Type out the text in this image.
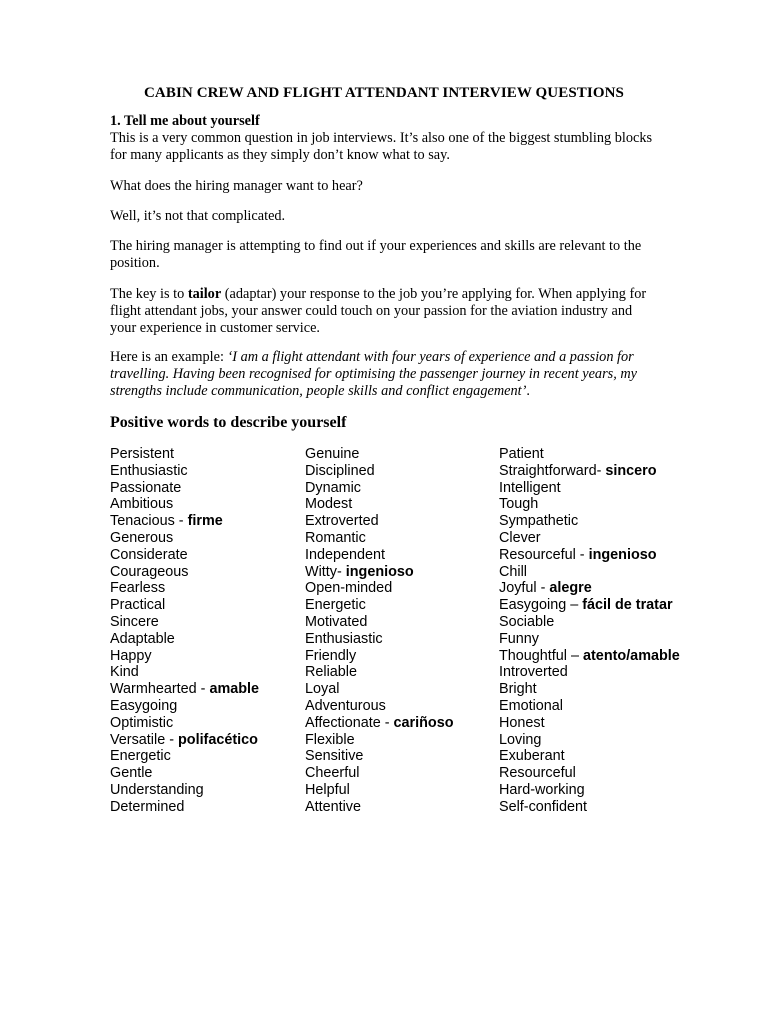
CABIN CREW AND FLIGHT ATTENDANT INTERVIEW QUESTIONS
1. Tell me about yourself
This is a very common question in job interviews. It’s also one of the biggest stumbling blocks for many applicants as they simply don’t know what to say.
What does the hiring manager want to hear?
Well, it’s not that complicated.
The hiring manager is attempting to find out if your experiences and skills are relevant to the position.
The key is to tailor (adaptar) your response to the job you’re applying for. When applying for flight attendant jobs, your answer could touch on your passion for the aviation industry and your experience in customer service.
Here is an example: ‘I am a flight attendant with four years of experience and a passion for travelling. Having been recognised for optimising the passenger journey in recent years, my strengths include communication, people skills and conflict engagement’.
Positive words to describe yourself
Persistent
Enthusiastic
Passionate
Ambitious
Tenacious - firme
Generous
Considerate
Courageous
Fearless
Practical
Sincere
Adaptable
Happy
Kind
Warmhearted - amable
Easygoing
Optimistic
Versatile - polifacético
Energetic
Gentle
Understanding
Determined
Genuine
Disciplined
Dynamic
Modest
Extroverted
Romantic
Independent
Witty- ingenioso
Open-minded
Energetic
Motivated
Enthusiastic
Friendly
Reliable
Loyal
Adventurous
Affectionate - cariñoso
Flexible
Sensitive
Cheerful
Helpful
Attentive
Patient
Straightforward- sincero
Intelligent
Tough
Sympathetic
Clever
Resourceful - ingenioso
Chill
Joyful - alegre
Easygoing – fácil de tratar
Sociable
Funny
Thoughtful – atento/amable
Introverted
Bright
Emotional
Honest
Loving
Exuberant
Resourceful
Hard-working
Self-confident
